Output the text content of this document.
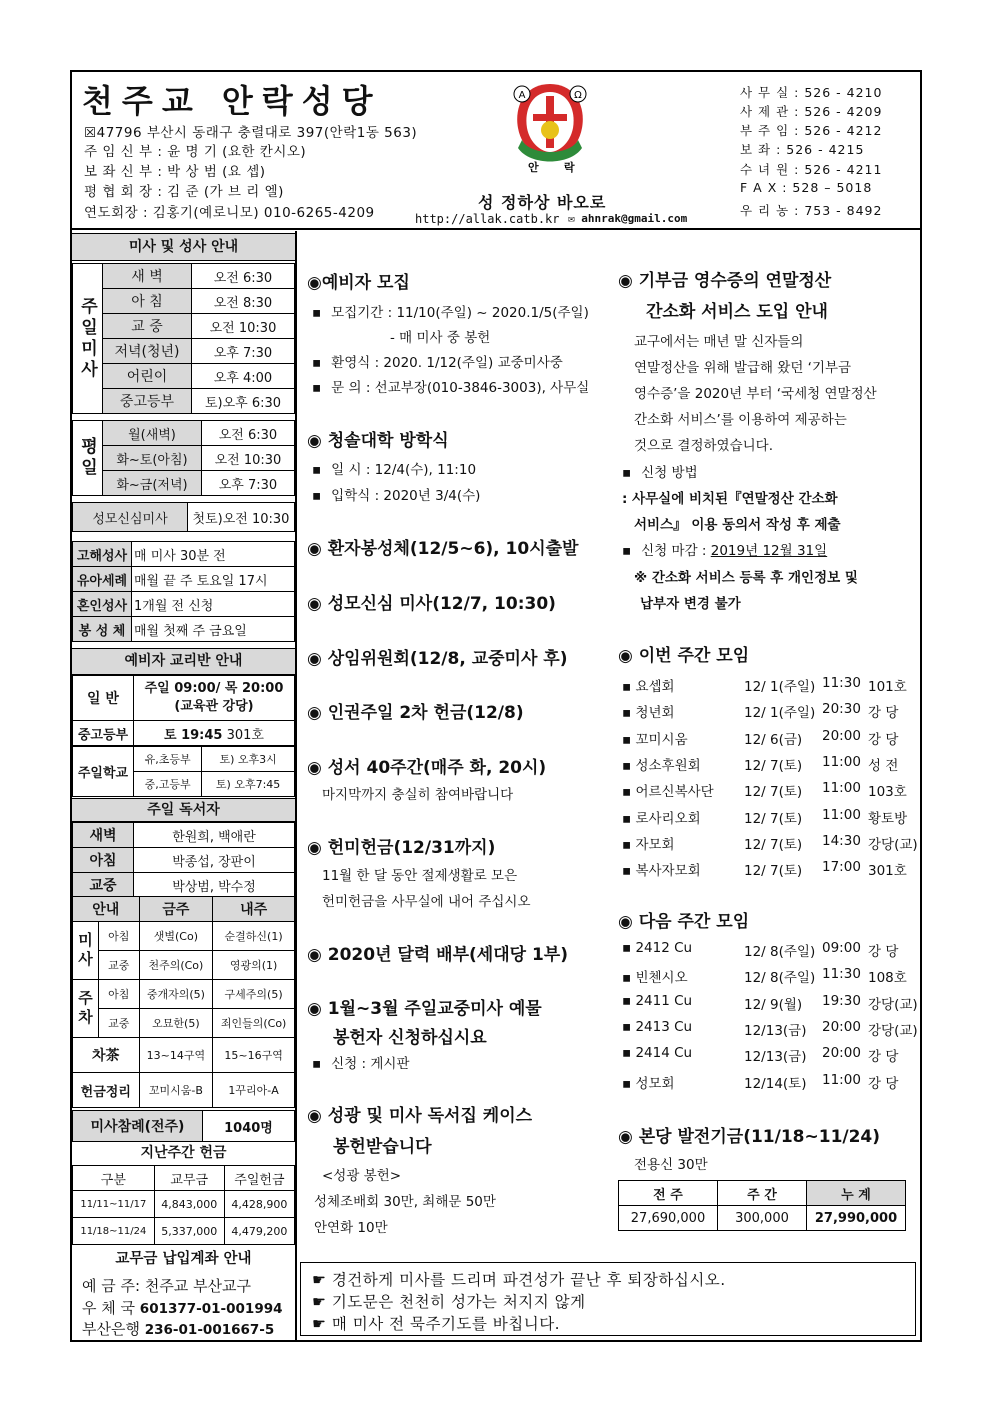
천주교 안락성당
☒47796 부산시 동래구 충렬대로 397(안락1동 563)
주 임 신 부 : 윤 명 기 (요한 칸시오)
보 좌 신 부 : 박 상 범 (요 셉)
평 협 회 장 : 김 준 (가 브 리 엘)
연도회장 : 김홍기(예로니모) 010-6265-4209
A	Ω
안 락
성 정하상 바오로
http://allak.catb.kr ✉ ahnrak@gmail.com
사 무 실 : 526 - 4210
사 제 관 : 526 - 4209
부 주 임 : 526 - 4212
보 좌 : 526 - 4215
수 녀 원 : 526 - 4211
F A X : 528 – 5018
우 리 농 : 753 - 8492
미사 및 성사 안내
주일미사	새 벽	오전 6:30
	아 침	오전 8:30
	교 중	오전 10:30
	저녁(청년)	오후 7:30
	어린이	오후 4:00
	중고등부	토)오후 6:30
평일	월(새벽)	오전 6:30
	화~토(아침)	오전 10:30
	화~금(저녁)	오후 7:30
성모신심미사	첫토)오전 10:30
고해성사	매 미사 30분 전
유아세례	매월 끝 주 토요일 17시
혼인성사	1개월 전 신청
봉 성 체	매월 첫째 주 금요일
예비자 교리반 안내
일 반	주일 09:00/ 목 20:00
(교육관 강당)

중고등부	토 19:45 301호
주일학교	유,초등부	토) 오후3시
	중,고등부	토) 오후7:45
주일 독서자
새벽	한원희, 백애란
아침	박종섭, 장판이
교중	박상범, 박수정
안내		금주	내주
미사	아침	샛별(Co)	순결하신(1)
	교중	천주의(Co)	영광의(1)
주차	아침	중개자의(5)	구세주의(5)
	교중	오묘한(5)	죄인들의(Co)
차茶		13~14구역	15~16구역
헌금정리		꼬미시움-B	1꾸리아-A
미사참례(전주)	1040명
지난주간 헌금
구분	교무금	주일헌금
11/11~11/17	4,843,000	4,428,900
11/18~11/24	5,337,000	4,479,200
교무금 납입계좌 안내
예 금 주: 천주교 부산교구
우 체 국 601377-01-001994
부산은행 236-01-001667-5
◉예비자 모집
▪ 모집기간 : 11/10(주일) ~ 2020.1/5(주일)
- 매 미사 중 봉헌
▪ 환영식 : 2020. 1/12(주일) 교중미사중
▪ 문 의 : 선교부장(010-3846-3003), 사무실
◉ 청솔대학 방학식
▪ 일 시 : 12/4(수), 11:10
▪ 입학식 : 2020년 3/4(수)
◉ 환자봉성체(12/5~6), 10시출발
◉ 성모신심 미사(12/7, 10:30)
◉ 상임위원회(12/8, 교중미사 후)
◉ 인권주일 2차 헌금(12/8)
◉ 성서 40주간(매주 화, 20시)
마지막까지 충실히 참여바랍니다
◉ 헌미헌금(12/31까지)
11월 한 달 동안 절제생활로 모은
헌미헌금을 사무실에 내어 주십시오
◉ 2020년 달력 배부(세대당 1부)
◉ 1월~3월 주일교중미사 예물
봉헌자 신청하십시요
▪ 신청 : 게시판
◉ 성광 및 미사 독서집 케이스
봉헌받습니다
<성광 봉헌>
성체조배회 30만, 최해문 50만
안연화 10만
◉ 기부금 영수증의 연말정산
간소화 서비스 도입 안내
교구에서는 매년 말 신자들의
연말정산을 위해 발급해 왔던 ‘기부금
영수증’을 2020년 부터 ‘국세청 연말정산
간소화 서비스’를 이용하여 제공하는
것으로 결정하였습니다.
▪ 신청 방법
: 사무실에 비치된『연말정산 간소화
서비스』 이용 동의서 작성 후 제출
▪ 신청 마감 : 2019년 12월 31일
※ 간소화 서비스 등록 후 개인정보 및
납부자 변경 불가
◉ 이번 주간 모임
▪ 요셉회	12/ 1(주일) 11:30 101호
▪ 청년회	12/ 1(주일) 20:30 강 당
▪ 꼬미시움	12/ 6(금) 20:00 강 당
▪ 성소후원회	12/ 7(토) 11:00 성 전
▪ 어르신복사단 12/ 7(토) 11:00 103호
▪ 로사리오회	12/ 7(토) 11:00 황토방
▪ 자모회	12/ 7(토) 14:30 강당(교)
▪ 복사자모회	12/ 7(토) 17:00 301호
◉ 다음 주간 모임
▪ 2412 Cu	12/ 8(주일) 09:00 강 당
▪ 빈첸시오	12/ 8(주일) 11:30 108호
▪ 2411 Cu	12/ 9(월) 19:30 강당(교)
▪ 2413 Cu	12/13(금) 20:00 강당(교)
▪ 2414 Cu	12/13(금) 20:00 강 당
▪ 성모회	12/14(토) 11:00 강 당
◉ 본당 발전기금(11/18~11/24)
전용신 30만
전 주	주 간	누 계
27,690,000	300,000	27,990,000
☛ 경건하게 미사를 드리며 파견성가 끝난 후 퇴장하십시오.
☛ 기도문은 천천히 성가는 처지지 않게
☛ 매 미사 전 묵주기도를 바칩니다.
